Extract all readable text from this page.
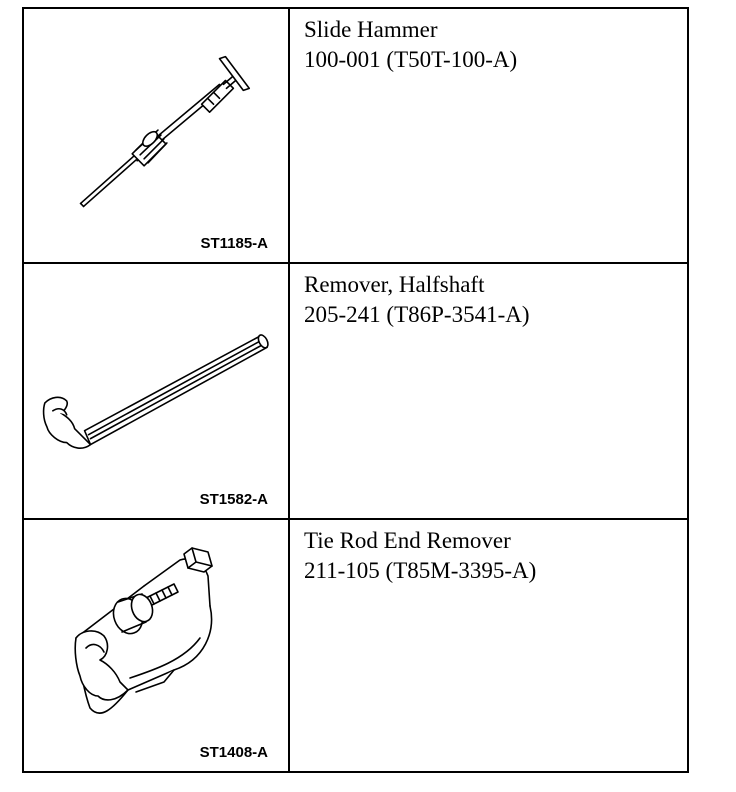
ST1185-A
Slide Hammer
100-001 (T50T-100-A)
ST1582-A
Remover, Halfshaft
205-241 (T86P-3541-A)
ST1408-A
Tie Rod End Remover
211-105 (T85M-3395-A)
